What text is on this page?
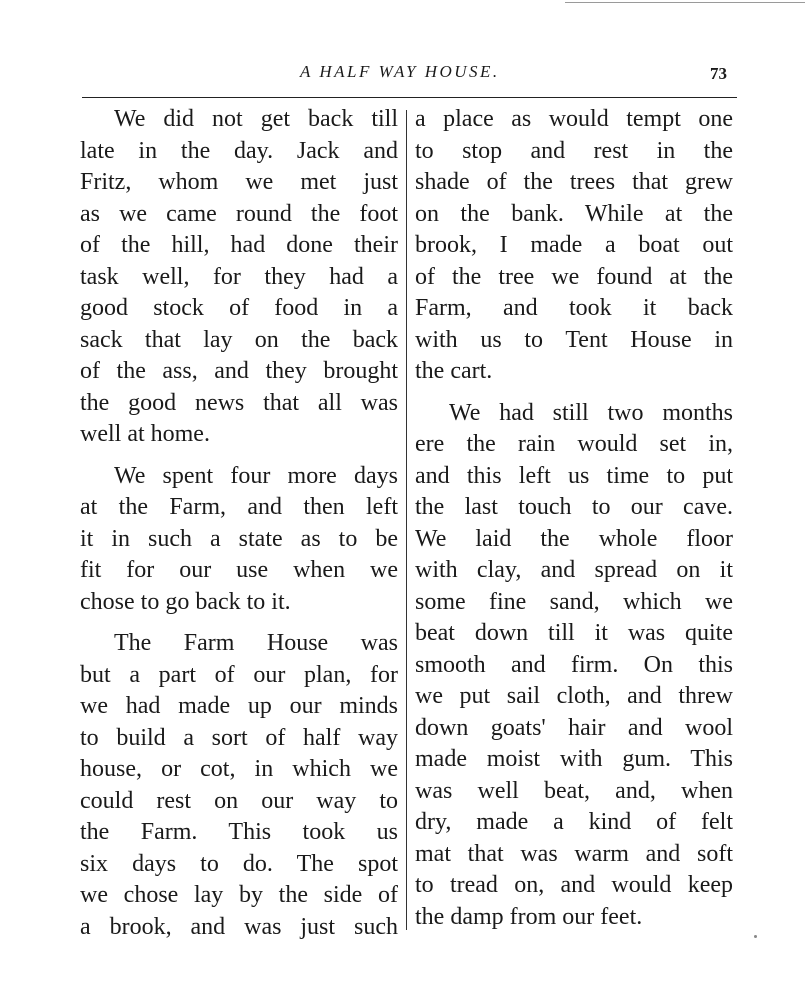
A HALF WAY HOUSE.	73
We did not get back till
late in the day. Jack and
Fritz, whom we met just
as we came round the foot
of the hill, had done their
task well, for they had a
good stock of food in a
sack that lay on the back
of the ass, and they brought
the good news that all was
well at home.
We spent four more days
at the Farm, and then left
it in such a state as to be
fit for our use when we
chose to go back to it.
The Farm House was
but a part of our plan, for
we had made up our minds
to build a sort of half way
house, or cot, in which we
could rest on our way to
the Farm. This took us
six days to do. The spot
we chose lay by the side of
a brook, and was just such
a place as would tempt one
to stop and rest in the
shade of the trees that grew
on the bank. While at the
brook, I made a boat out
of the tree we found at the
Farm, and took it back
with us to Tent House in
the cart.
We had still two months
ere the rain would set in,
and this left us time to put
the last touch to our cave.
We laid the whole floor
with clay, and spread on it
some fine sand, which we
beat down till it was quite
smooth and firm. On this
we put sail cloth, and threw
down goats' hair and wool
made moist with gum. This
was well beat, and, when
dry, made a kind of felt
mat that was warm and soft
to tread on, and would keep
the damp from our feet.
